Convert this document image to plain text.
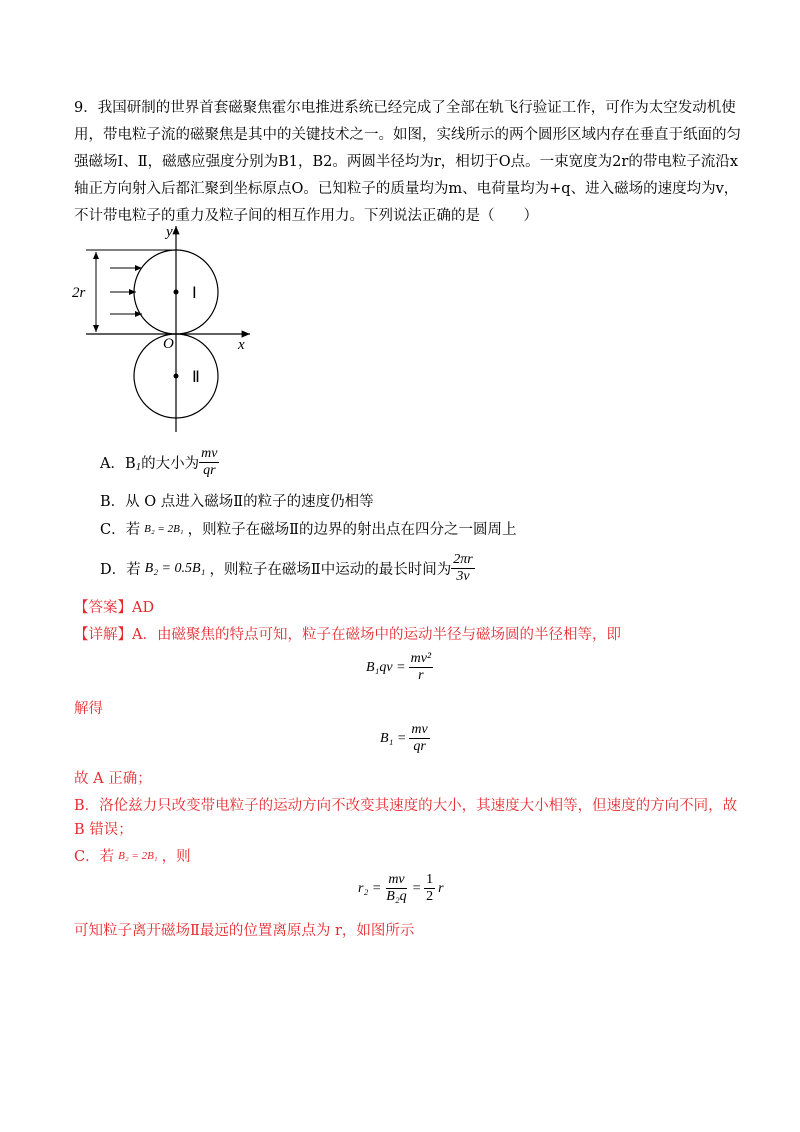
9．我国研制的世界首套磁聚焦霍尔电推进系统已经完成了全部在轨飞行验证工作，可作为太空发动机使
用，带电粒子流的磁聚焦是其中的关键技术之一。如图，实线所示的两个圆形区域内存在垂直于纸面的匀
强磁场Ⅰ、Ⅱ，磁感应强度分别为B1，B2。两圆半径均为r，相切于O点。一束宽度为2r的带电粒子流沿x
轴正方向射入后都汇聚到坐标原点O。已知粒子的质量均为m、电荷量均为+q、进入磁场的速度均为v，
不计带电粒子的重力及粒子间的相互作用力。下列说法正确的是（　　）
y
x
O
Ⅰ
Ⅱ
2r
A．B 1 的大小为 $\frac{mv}{qr}$
B．从 O 点进入磁场Ⅱ的粒子的速度仍相等
C．若 B₂ = 2B₁ ，则粒子在磁场Ⅱ的边界的射出点在四分之一圆周上
D．若 B₂ = 0.5B₁ ，则粒子在磁场Ⅱ中运动的最长时间为 $\frac{2\pi r}{3v}$
【答案】AD
【详解】A．由磁聚焦的特点可知，粒子在磁场中的运动半径与磁场圆的半径相等，即
$B_1qv = \frac{\text{mv²}}{r}$
解得
$B_1 = \frac{mv}{qr}$
故 A 正确；
B．洛伦兹力只改变带电粒子的运动方向不改变其速度的大小，其速度大小相等，但速度的方向不同，故
B 错误；
C．若 B₂ = 2B₁ ，则
$r_2 = \frac{mv}{\text{B₂q}} = \frac{1}{2}$ r
可知粒子离开磁场Ⅱ最远的位置离原点为 r，如图所示
